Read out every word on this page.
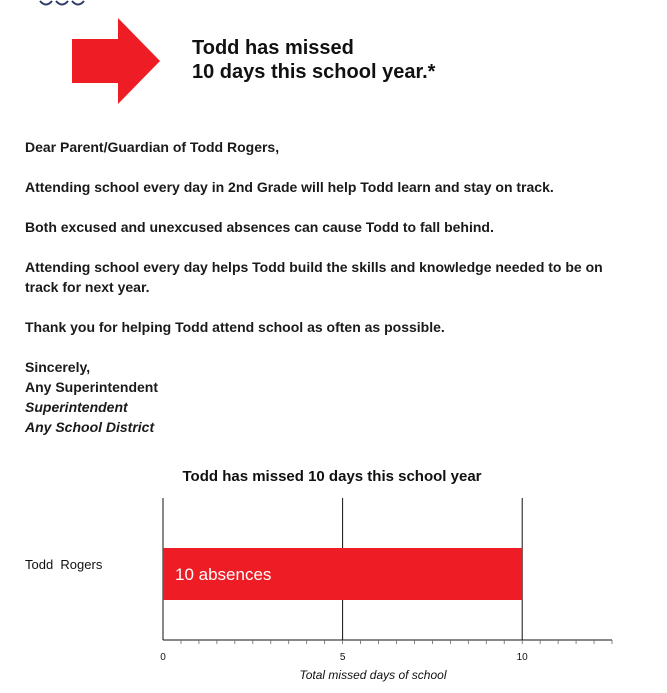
Todd has missed
10 days this school year.*

Dear Parent/Guardian of Todd Rogers,

Attending school every day in 2nd Grade will help Todd learn and stay on track.

Both excused and unexcused absences can cause Todd to fall behind.

Attending school every day helps Todd build the skills and knowledge needed to be on track for next year.

Thank you for helping Todd attend school as often as possible.

Sincerely,
Any Superintendent
Superintendent
Any School District
Todd has missed 10 days this school year
10 absences
0	5	10
Todd  Rogers
Total missed days of school
